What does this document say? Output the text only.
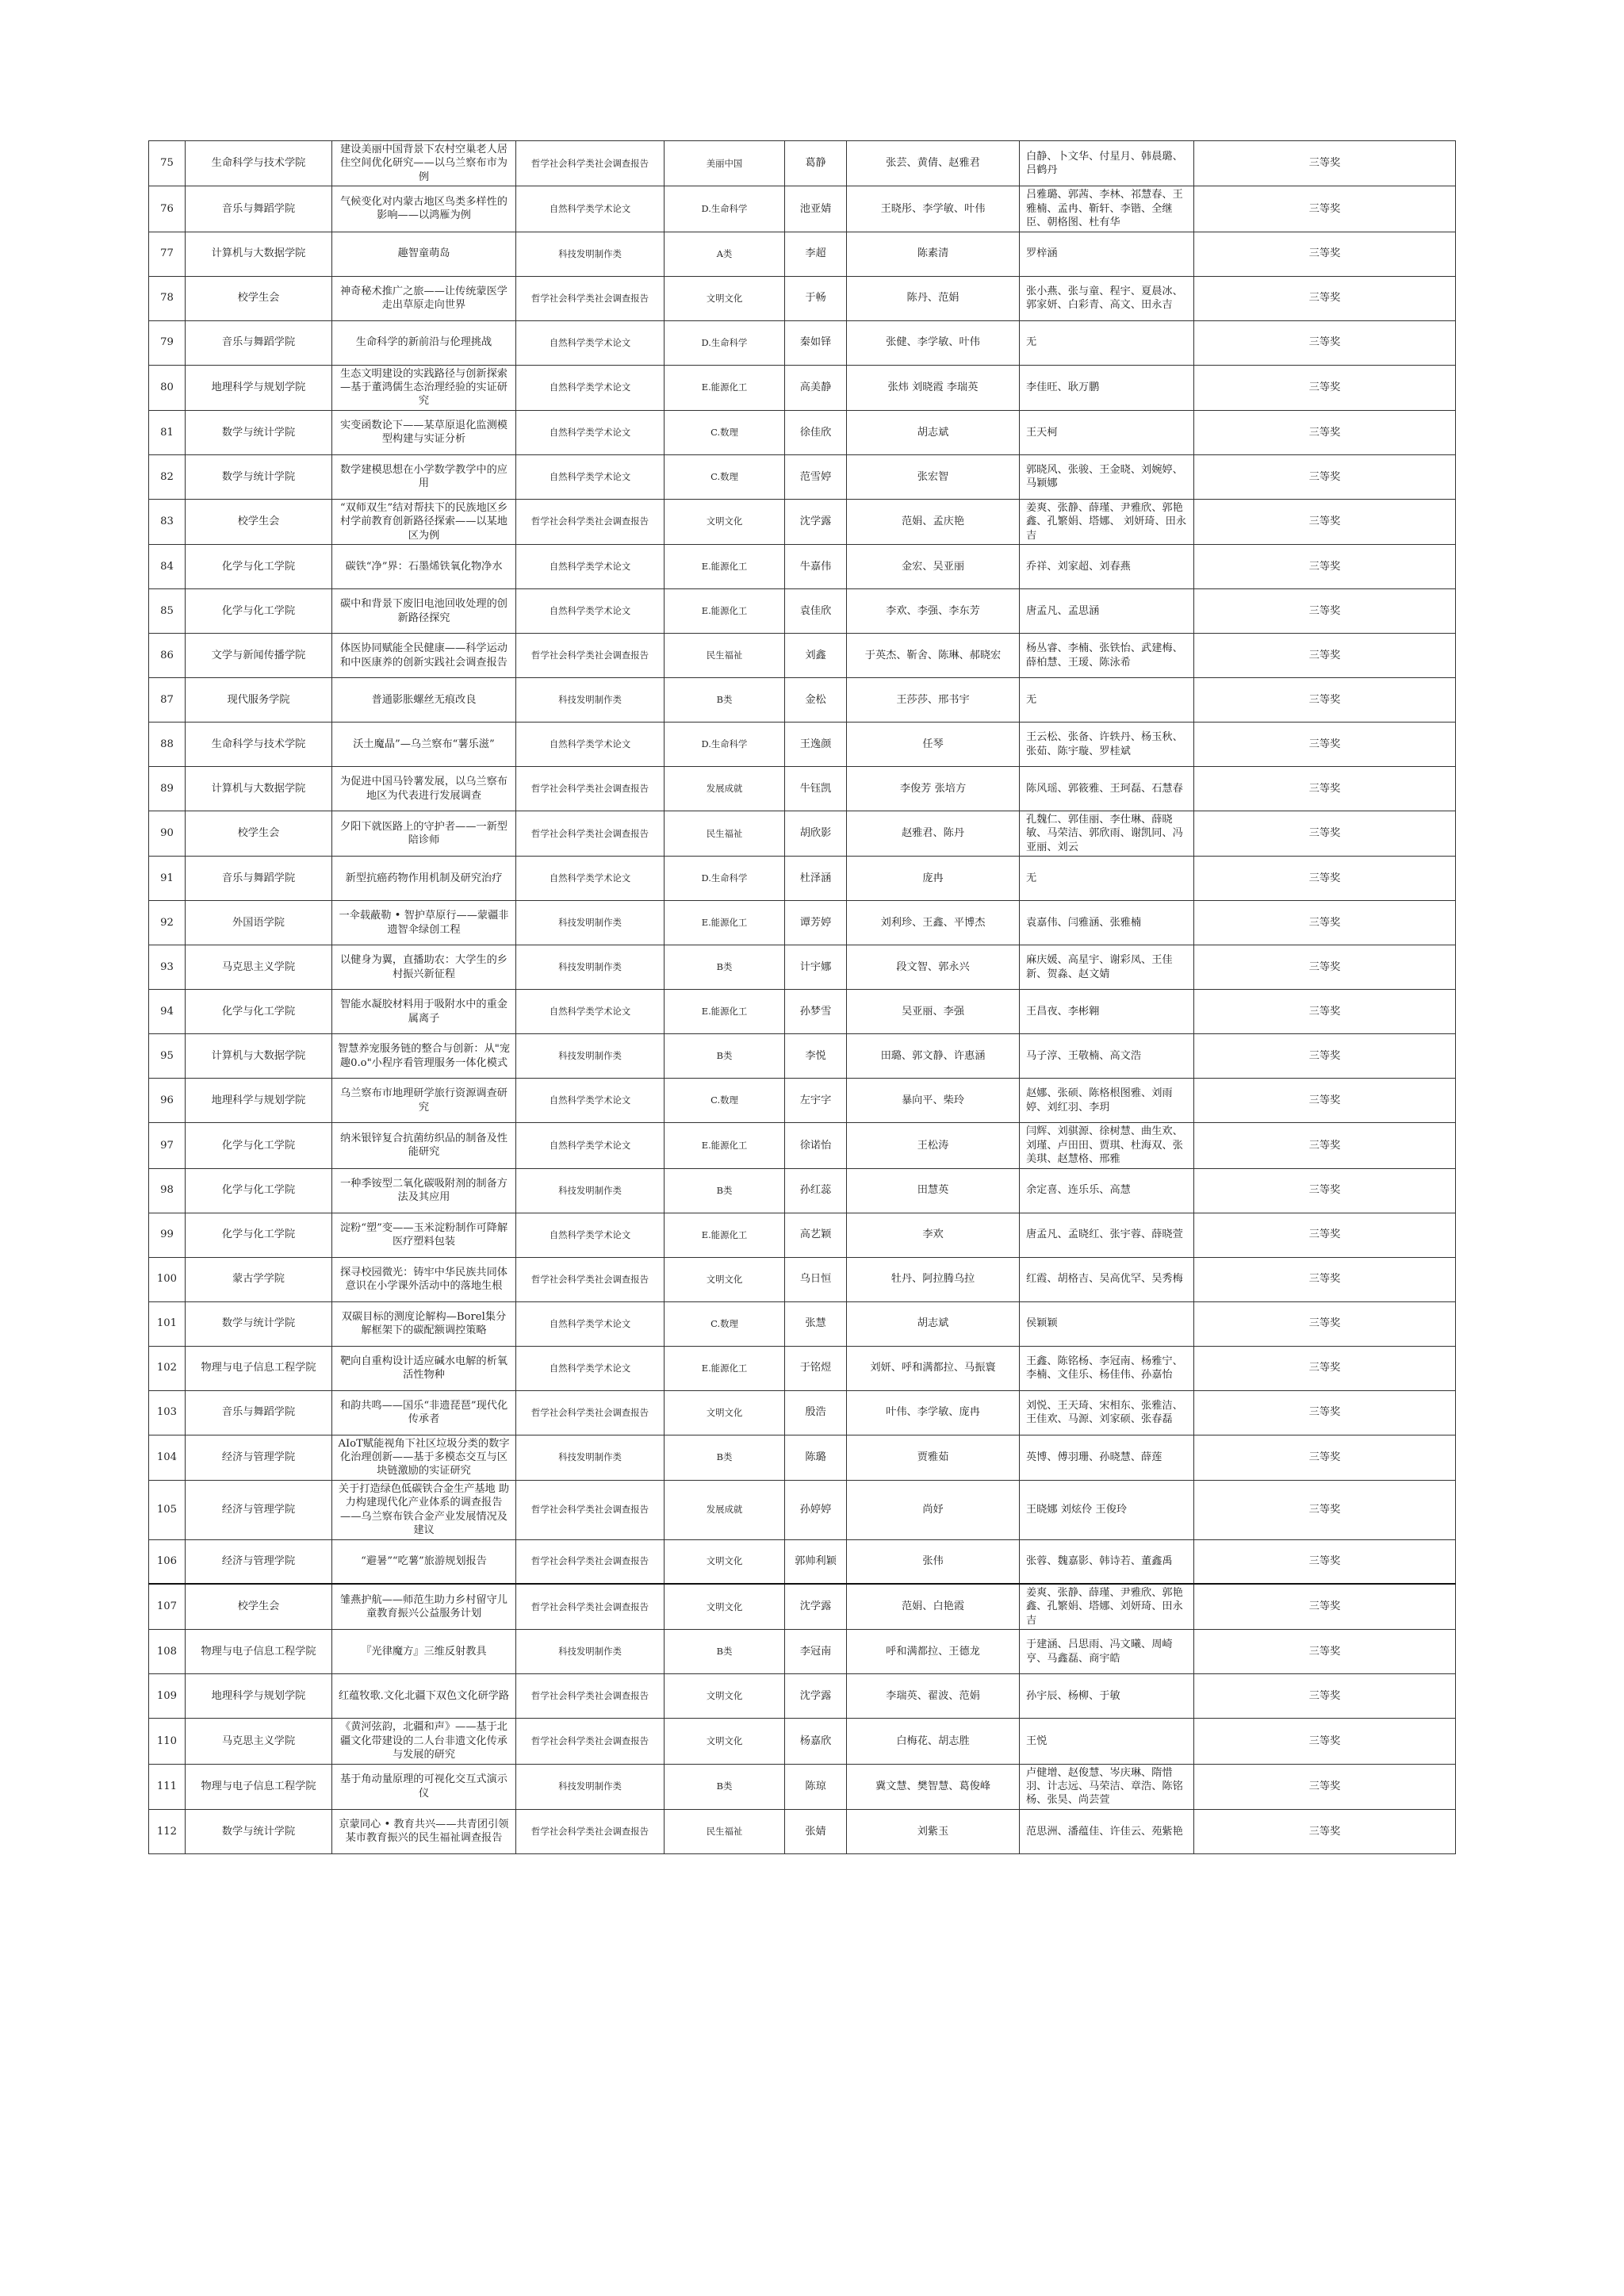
75	生命科学与技术学院	建设美丽中国背景下农村空巢老人居住空间优化研究——以乌兰察布市为例	哲学社会科学类社会调查报告	美丽中国	葛静	张芸、黄倩、赵雅君	白静、卜文华、付星月、韩晨璐、吕鹤丹	三等奖
76	音乐与舞蹈学院	气候变化对内蒙古地区鸟类多样性的影响——以鸿雁为例	自然科学类学术论文	D.生命科学	池亚婧	王晓彤、李学敏、叶伟	吕雅璐、郭茜、李林、祁慧春、王雅楠、孟冉、靳轩、李锴、全继臣、朝格图、杜有华	三等奖
77	计算机与大数据学院	趣智童萌岛	科技发明制作类	A类	李超	陈素清	罗梓涵	三等奖
78	校学生会	神奇秘术推广之旅——让传统蒙医学走出草原走向世界	哲学社会科学类社会调查报告	文明文化	于畅	陈丹、范娟	张小燕、张与童、程宇、夏晨冰、郭家妍、白彩青、高文、田永吉	三等奖
79	音乐与舞蹈学院	生命科学的新前沿与伦理挑战	自然科学类学术论文	D.生命科学	秦如铎	张健、李学敏、叶伟	无	三等奖
80	地理科学与规划学院	生态文明建设的实践路径与创新探索—基于董鸿儒生态治理经验的实证研究	自然科学类学术论文	E.能源化工	高美静	张炜 刘晓霞 李瑞英	李佳旺、耿万鹏	三等奖
81	数学与统计学院	实变函数论下——某草原退化监测模型构建与实证分析	自然科学类学术论文	C.数理	徐佳欣	胡志斌	王天柯	三等奖
82	数学与统计学院	数学建模思想在小学数学教学中的应用	自然科学类学术论文	C.数理	范雪婷	张宏智	郭晓风、张骏、王金晓、刘婉婷、马颖娜	三等奖
83	校学生会	“双师双生”结对帮扶下的民族地区乡村学前教育创新路径探索——以某地区为例	哲学社会科学类社会调查报告	文明文化	沈学露	范娟、孟庆艳	姜爽、张静、薛瑾、尹雅欣、郭艳鑫、孔繁娟、塔娜、 刘妍琦、田永吉	三等奖
84	化学与化工学院	碳铁“净”界：石墨烯铁氧化物净水	自然科学类学术论文	E.能源化工	牛嘉伟	金宏、吴亚丽	乔祥、刘家超、刘春燕	三等奖
85	化学与化工学院	碳中和背景下废旧电池回收处理的创新路径探究	自然科学类学术论文	E.能源化工	袁佳欣	李欢、李强、李东芳	唐孟凡、孟思涵	三等奖
86	文学与新闻传播学院	体医协同赋能全民健康——科学运动和中医康养的创新实践社会调查报告	哲学社会科学类社会调查报告	民生福祉	刘鑫	于英杰、靳舍、陈琳、郝晓宏	杨丛睿、李楠、张铁怡、武建梅、薛柏慧、王瑷、陈泳希	三等奖
87	现代服务学院	普通影胀螺丝无痕改良	科技发明制作类	B类	金松	王莎莎、邢书宇	无	三等奖
88	生命科学与技术学院	沃土魔晶”—乌兰察布“薯乐滋”	自然科学类学术论文	D.生命科学	王逸颜	任琴	王云松、张备、许轶丹、杨玉秋、张茹、陈宇璇、罗桂斌	三等奖
89	计算机与大数据学院	为促进中国马铃薯发展，以乌兰察布地区为代表进行发展调查	哲学社会科学类社会调查报告	发展成就	牛钰凯	李俊芳 张培方	陈风瑶、郭筱雅、王珂磊、石慧春	三等奖
90	校学生会	夕阳下就医路上的守护者——一新型陪诊师	哲学社会科学类社会调查报告	民生福祉	胡欣影	赵雅君、陈丹	孔魏仁、郭佳丽、李仕琳、薛晓敏、马荣洁、郭欣雨、谢凯同、冯亚丽、刘云	三等奖
91	音乐与舞蹈学院	新型抗癌药物作用机制及研究治疗	自然科学类学术论文	D.生命科学	杜泽涵	庞冉	无	三等奖
92	外国语学院	一伞载蔽勒 • 智护草原行——蒙疆非遗智伞绿创工程	科技发明制作类	E.能源化工	谭芳婷	刘利珍、王鑫、平博杰	袁嘉伟、闫雅涵、张雅楠	三等奖
93	马克思主义学院	以健身为翼，直播助农：大学生的乡村振兴新征程	科技发明制作类	B类	计宇娜	段文智、郭永兴	麻庆媛、高星宇、谢彩凤、王佳新、贺淼、赵文婧	三等奖
94	化学与化工学院	智能水凝胶材料用于吸附水中的重金属离子	自然科学类学术论文	E.能源化工	孙梦雪	吴亚丽、李强	王昌夜、李彬翱	三等奖
95	计算机与大数据学院	智慧养宠服务链的整合与创新：从"宠趣0.o"小程序看管理服务一体化模式	科技发明制作类	B类	李悦	田璐、郭文静、许惠涵	马子淳、王敬楠、高文浩	三等奖
96	地理科学与规划学院	乌兰察布市地理研学旅行资源调查研究	自然科学类学术论文	C.数理	左宇字	暴向平、柴玲	赵娜、张硕、陈格根图雅、刘雨婷、刘红羽、李玥	三等奖
97	化学与化工学院	纳米银锌复合抗菌纺织品的制备及性能研究	自然科学类学术论文	E.能源化工	徐诺怡	王松涛	闫辉、刘骐源、徐树慧、曲生欢、刘瑾、卢田田、贾琪、杜海双、张美琪、赵慧格、邢雅	三等奖
98	化学与化工学院	一种季铵型二氧化碳吸附剂的制备方法及其应用	科技发明制作类	B类	孙红蕊	田慧英	余定喜、连乐乐、高慧	三等奖
99	化学与化工学院	淀粉“塑”变——玉米淀粉制作可降解医疗塑料包装	自然科学类学术论文	E.能源化工	高艺颖	李欢	唐孟凡、孟晓红、张宇蓉、薛晓萱	三等奖
100	蒙古学学院	探寻校园微光：铸牢中华民族共同体意识在小学课外活动中的落地生根	哲学社会科学类社会调查报告	文明文化	乌日恒	牡丹、阿拉腾乌拉	红霞、胡格吉、吴高优罕、吴秀梅	三等奖
101	数学与统计学院	双碳目标的测度论解构—Borel集分解框架下的碳配额调控策略	自然科学类学术论文	C.数理	张慧	胡志斌	侯颖颖	三等奖
102	物理与电子信息工程学院	靶向自重构设计适应碱水电解的析氧活性物种	自然科学类学术论文	E.能源化工	于铭煜	刘妍、呼和满都拉、马振寰	王鑫、陈铭杨、李冠南、杨雅宁、李楠、文佳乐、杨佳伟、孙嘉怡	三等奖
103	音乐与舞蹈学院	和韵共鸣——国乐“非遗琵琶”现代化传承者	哲学社会科学类社会调查报告	文明文化	殷浩	叶伟、李学敏、庞冉	刘悦、王天琦、宋相东、张雅洁、王佳欢、马源、刘家硕、张春磊	三等奖
104	经济与管理学院	AIoT赋能视角下社区垃圾分类的数字化治理创新——基于多模态交互与区块链激励的实证研究	科技发明制作类	B类	陈璐	贾雅茹	英博、傅羽珊、孙晓慧、薛莲	三等奖
105	经济与管理学院	关于打造绿色低碳铁合金生产基地 助力构建现代化产业体系的调查报告——乌兰察布铁合金产业发展情况及建议	哲学社会科学类社会调查报告	发展成就	孙婷婷	尚妤	王晓娜 刘炫伶 王俊玲	三等奖
106	经济与管理学院	“避暑”“吃薯”旅游规划报告	哲学社会科学类社会调查报告	文明文化	郭帅利颖	张伟	张蓉、魏嘉影、韩诗若、董鑫禹	三等奖
107	校学生会	雏燕护航——师范生助力乡村留守儿童教育振兴公益服务计划	哲学社会科学类社会调查报告	文明文化	沈学露	范娟、白艳霞	姜爽、张静、薛瑾、尹雅欣、郭艳鑫、孔繁娟、塔娜、刘妍琦、田永吉	三等奖
108	物理与电子信息工程学院	『光律魔方』三维反射教具	科技发明制作类	B类	李冠南	呼和满都拉、王德龙	于建涵、吕思雨、冯文曦、周崎亨、马鑫磊、商宇皓	三等奖
109	地理科学与规划学院	红蕴牧歌.文化北疆下双色文化研学路	哲学社会科学类社会调查报告	文明文化	沈学露	李瑞英、翟波、范娟	孙宇辰、杨柳、于敏	三等奖
110	马克思主义学院	《黄河弦韵，北疆和声》——基于北疆文化带建设的二人台非遗文化传承与发展的研究	哲学社会科学类社会调查报告	文明文化	杨嘉欣	白梅花、胡志胜	王悦	三等奖
111	物理与电子信息工程学院	基于角动量原理的可视化交互式演示仪	科技发明制作类	B类	陈琼	冀文慧、樊智慧、葛俊峰	卢健增、赵俊慧、岑庆琳、隋惜羽、计志远、马荣洁、章浩、陈铭杨、张昊、尚芸萱	三等奖
112	数学与统计学院	京蒙同心 • 教育共兴——共青团引领某市教育振兴的民生福祉调查报告	哲学社会科学类社会调查报告	民生福祉	张婧	刘紫玉	范思洲、潘蕴佳、许佳云、苑紫艳	三等奖
